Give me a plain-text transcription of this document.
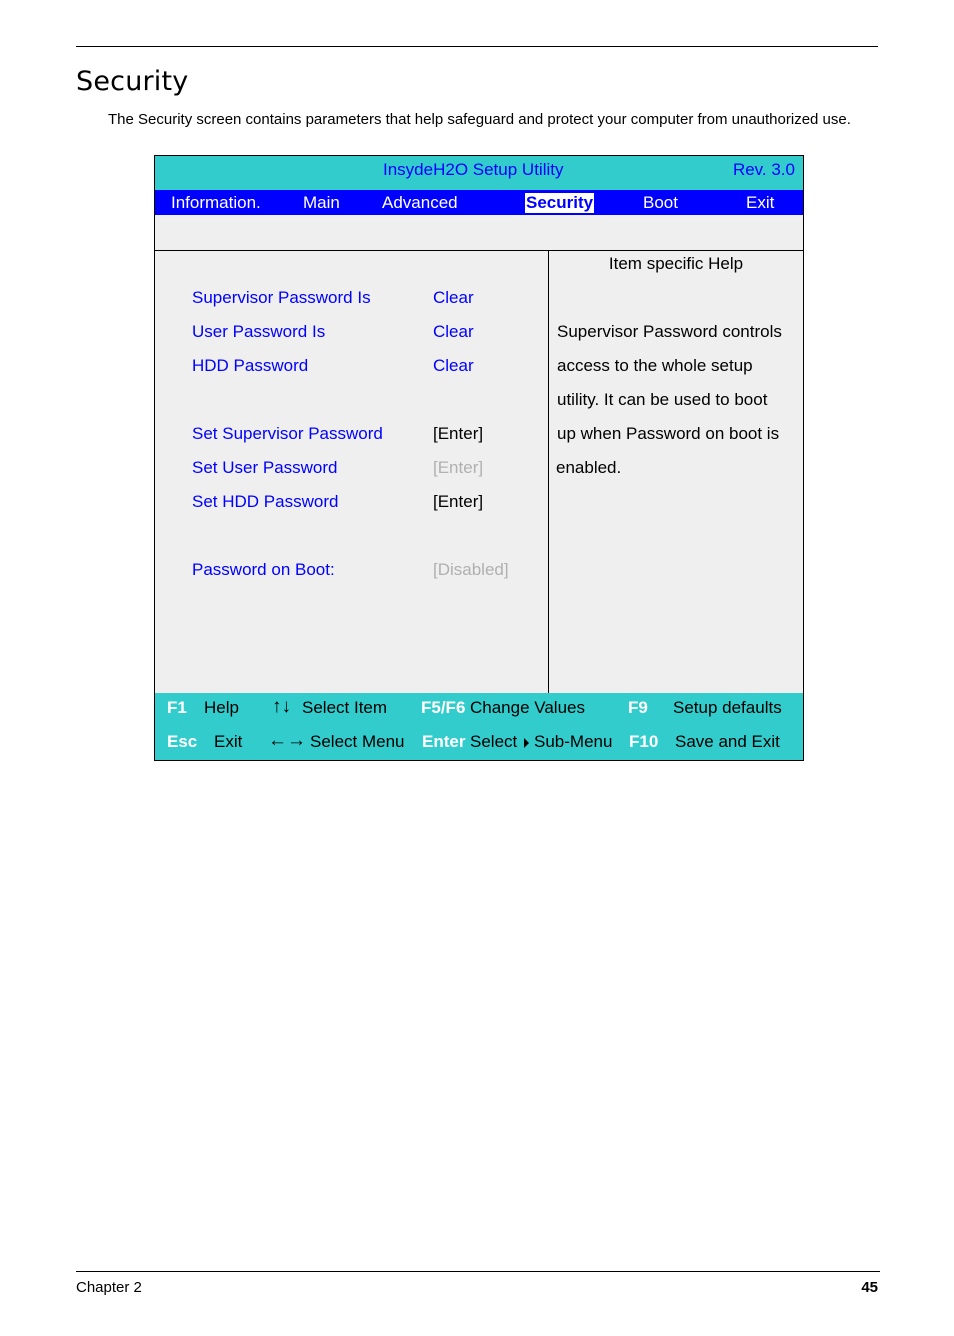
Security
The Security screen contains parameters that help safeguard and protect your computer from unauthorized use.
InsydeH2O Setup Utility	Rev. 3.0
Information. Main Advanced	Security	Boot	Exit
Supervisor Password Is	Clear
User Password Is	Clear
HDD Password	Clear
Set Supervisor Password	[Enter]
Set User Password	[Enter]
Set HDD Password	[Enter]
Password on Boot:	[Disabled]
Item specific Help
Supervisor Password controls
access to the whole setup
utility. It can be used to boot
up when Password on boot is
enabled.
F1 Help ↑↓ Select Item F5/F6 Change Values	F9 Setup defaults
Esc Exit ←→ Select Menu Enter Select Sub-Menu F10 Save and Exit
Chapter 2	45
